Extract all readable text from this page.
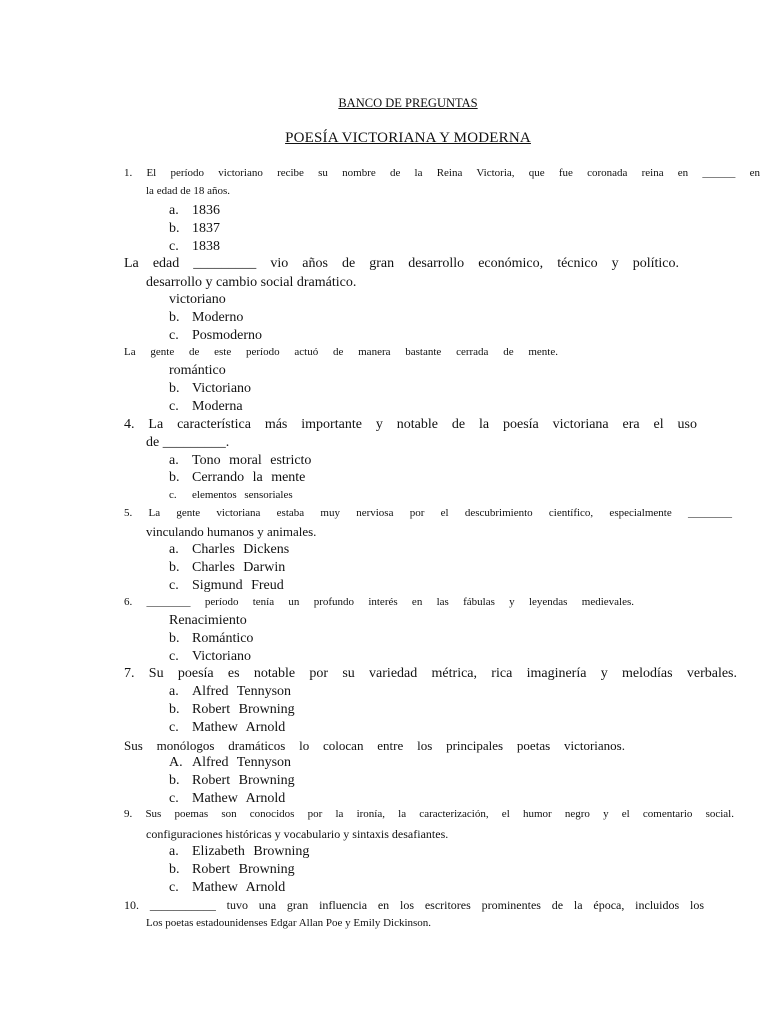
BANCO DE PREGUNTAS
POESÍA VICTORIANA Y MODERNA
1. El período victoriano recibe su nombre de la Reina Victoria, que fue coronada reina en ______ en
la edad de 18 años.
a. 1836
b. 1837
c. 1838
La edad _________ vio años de gran desarrollo económico, técnico y político.
desarrollo y cambio social dramático.
victoriano
b. Moderno
c. Posmoderno
La gente de este período actuó de manera bastante cerrada de mente.
romántico
b. Victoriano
c. Moderna
4. La característica más importante y notable de la poesía victoriana era el uso
de _________.
a. Tono moral estricto
b. Cerrando la mente
c. elementos sensoriales
5. La gente victoriana estaba muy nerviosa por el descubrimiento científico, especialmente ________
vinculando humanos y animales.
a. Charles Dickens
b. Charles Darwin
c. Sigmund Freud
6. ________ período tenía un profundo interés en las fábulas y leyendas medievales.
Renacimiento
b. Romántico
c. Victoriano
7. Su poesía es notable por su variedad métrica, rica imaginería y melodías verbales.
a. Alfred Tennyson
b. Robert Browning
c. Mathew Arnold
Sus monólogos dramáticos lo colocan entre los principales poetas victorianos.
A. Alfred Tennyson
b. Robert Browning
c. Mathew Arnold
9. Sus poemas son conocidos por la ironía, la caracterización, el humor negro y el comentario social.
configuraciones históricas y vocabulario y sintaxis desafiantes.
a. Elizabeth Browning
b. Robert Browning
c. Mathew Arnold
10. ___________ tuvo una gran influencia en los escritores prominentes de la época, incluidos los
Los poetas estadounidenses Edgar Allan Poe y Emily Dickinson.
